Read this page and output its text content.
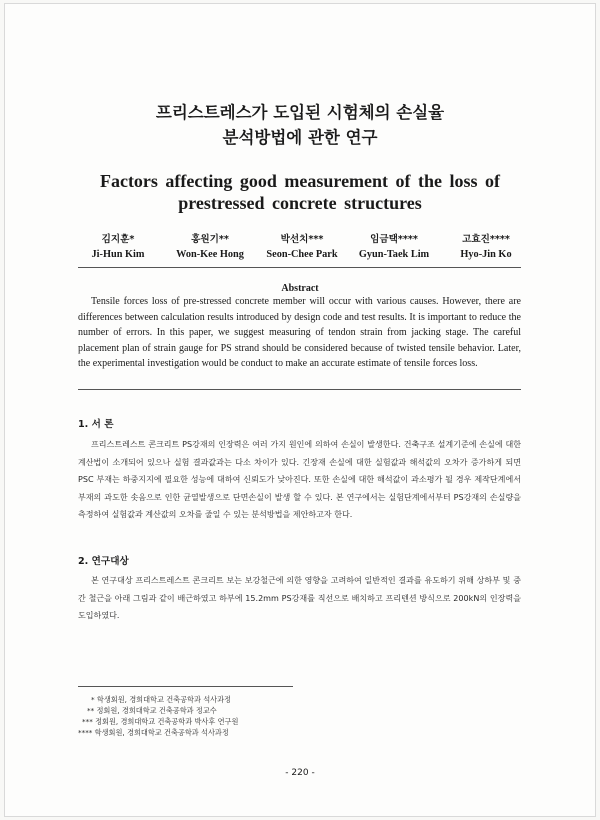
프리스트레스가 도입된 시험체의 손실율
분석방법에 관한 연구
Factors affecting good measurement of the loss of
prestressed concrete structures
김지훈*
Ji-Hun Kim
홍원기**
Won-Kee Hong
박선치***
Seon-Chee Park
임금택****
Gyun-Taek Lim
고효진****
Hyo-Jin Ko
Abstract

Tensile forces loss of pre-stressed concrete member will occur with various causes. However, there are differences between calculation results introduced by design code and test results. It is important to reduce the number of errors. In this paper, we suggest measuring of tendon strain from jacking stage. The careful placement plan of strain gauge for PS strand should be considered because of twisted tensile behavior. Later, the experimental investigation would be conduct to make an accurate estimate of tensile forces loss.

1. 서 론

프리스트레스트 콘크리트 PS강재의 인장력은 여러 가지 원인에 의하여 손실이 발생한다. 건축구조 설계기준에 손실에 대한 계산법이 소개되어 있으나 실험 결과값과는 다소 차이가 있다. 긴장재 손실에 대한 실험값과 해석값의 오차가 증가하게 되면 PSC 부재는 하중지지에 필요한 성능에 대하여 신뢰도가 낮아진다. 또한 손실에 대한 해석값이 과소평가 될 경우 제작단계에서 부재의 과도한 솟음으로 인한 균열발생으로 단면손실이 발생 할 수 있다. 본 연구에서는 실험단계에서부터 PS강재의 손실량을 측정하여 실험값과 계산값의 오차를 줄일 수 있는 분석방법을 제안하고자 한다.

2. 연구대상

본 연구대상 프리스트레스트 콘크리트 보는 보강철근에 의한 영향을 고려하여 일반적인 결과를 유도하기 위해 상하부 및 중간 철근을 아래 그림과 같이 배근하였고 하부에 15.2mm PS강재를 직선으로 배치하고 프리텐션 방식으로 200kN의 인장력을 도입하였다.

* 학생회원, 경희대학교 건축공학과 석사과정
** 정회원, 경희대학교 건축공학과 정교수
*** 정회원, 경희대학교 건축공학과 박사후 연구원
**** 학생회원, 경희대학교 건축공학과 석사과정
- 220 -
